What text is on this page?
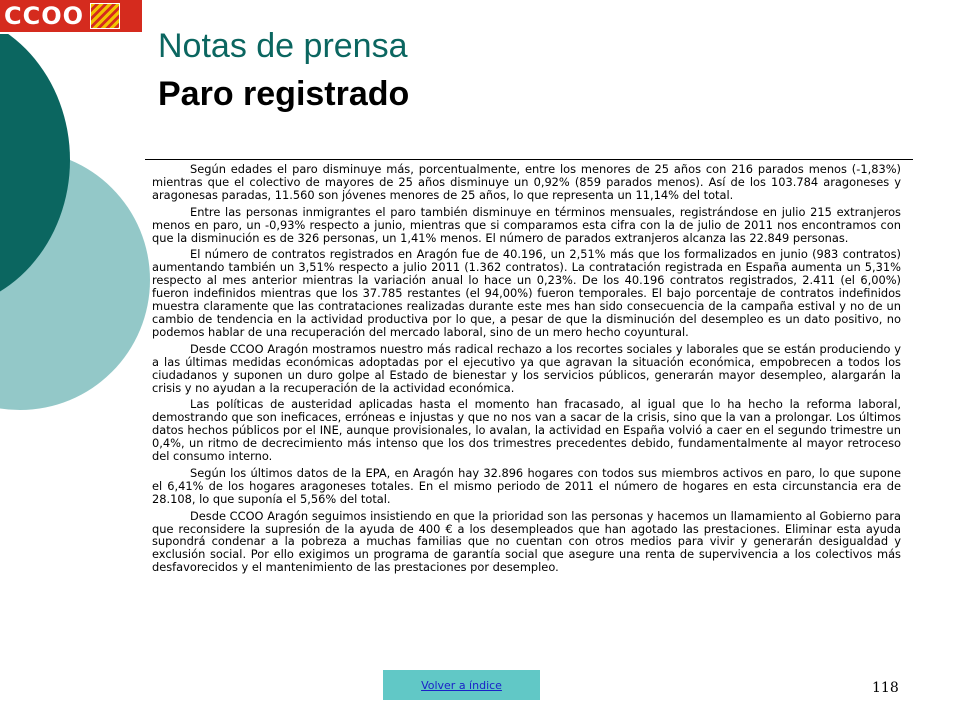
CCOO
Notas de prensa
Paro registrado

Según edades el paro disminuye más, porcentualmente, entre los menores de 25 años con 216 parados menos (-1,83%) mientras que el colectivo de mayores de 25 años disminuye un 0,92% (859 parados menos). Así de los 103.784 aragoneses y aragonesas paradas, 11.560 son jóvenes menores de 25 años, lo que representa un 11,14% del total.

Entre las personas inmigrantes el paro también disminuye en términos mensuales, registrándose en julio 215 extranjeros menos en paro, un -0,93% respecto a junio, mientras que si comparamos esta cifra con la de julio de 2011 nos encontramos con que la disminución es de 326 personas, un 1,41% menos. El número de parados extranjeros alcanza las 22.849 personas.

El número de contratos registrados en Aragón fue de 40.196, un 2,51% más que los formalizados en junio (983 contratos) aumentando también un 3,51% respecto a julio 2011 (1.362 contratos). La contratación registrada en España aumenta un 5,31% respecto al mes anterior mientras la variación anual lo hace un 0,23%. De los 40.196 contratos registrados, 2.411 (el 6,00%) fueron indefinidos mientras que los 37.785 restantes (el 94,00%) fueron temporales. El bajo porcentaje de contratos indefinidos muestra claramente que las contrataciones realizadas durante este mes han sido consecuencia de la campaña estival y no de un cambio de tendencia en la actividad productiva por lo que, a pesar de que la disminución del desempleo es un dato positivo, no podemos hablar de una recuperación del mercado laboral, sino de un mero hecho coyuntural.

Desde CCOO Aragón mostramos nuestro más radical rechazo a los recortes sociales y laborales que se están produciendo y a las últimas medidas económicas adoptadas por el ejecutivo ya que agravan la situación económica, empobrecen a todos los ciudadanos y suponen un duro golpe al Estado de bienestar y los servicios públicos, generarán mayor desempleo, alargarán la crisis y no ayudan a la recuperación de la actividad económica.

Las políticas de austeridad aplicadas hasta el momento han fracasado, al igual que lo ha hecho la reforma laboral, demostrando que son ineficaces, erróneas e injustas y que no nos van a sacar de la crisis, sino que la van a prolongar. Los últimos datos hechos públicos por el INE, aunque provisionales, lo avalan, la actividad en España volvió a caer en el segundo trimestre un 0,4%, un ritmo de decrecimiento más intenso que los dos trimestres precedentes debido, fundamentalmente al mayor retroceso del consumo interno.

Según los últimos datos de la EPA, en Aragón hay 32.896 hogares con todos sus miembros activos en paro, lo que supone el 6,41% de los hogares aragoneses totales. En el mismo periodo de 2011 el número de hogares en esta circunstancia era de 28.108, lo que suponía el 5,56% del total.

Desde CCOO Aragón seguimos insistiendo en que la prioridad son las personas y hacemos un llamamiento al Gobierno para que reconsidere la supresión de la ayuda de 400 € a los desempleados que han agotado las prestaciones. Eliminar esta ayuda supondrá condenar a la pobreza a muchas familias que no cuentan con otros medios para vivir y generarán desigualdad y exclusión social. Por ello exigimos un programa de garantía social que asegure una renta de supervivencia a los colectivos más desfavorecidos y el mantenimiento de las prestaciones por desempleo.

Volver a índice	118
